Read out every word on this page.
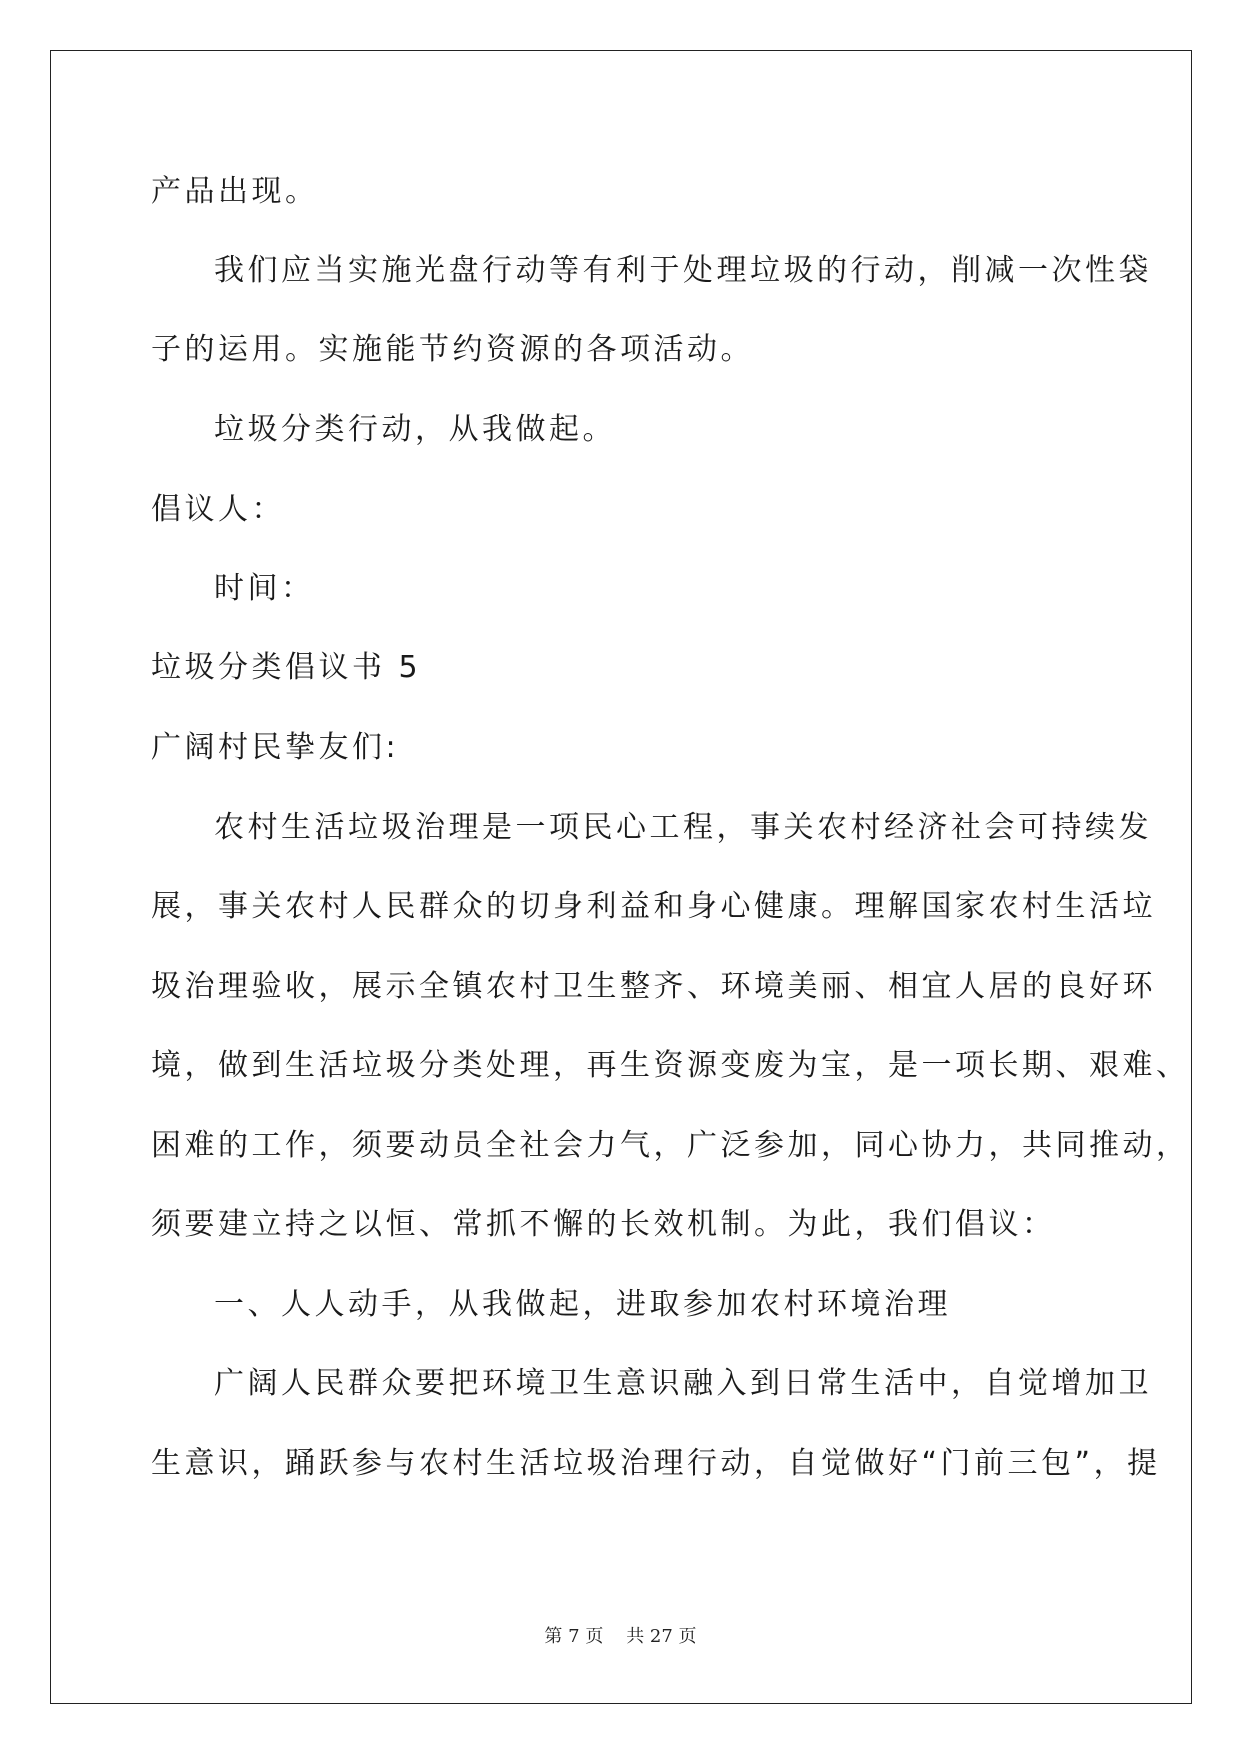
产品出现。

我们应当实施光盘行动等有利于处理垃圾的行动，削减一次性袋

子的运用。实施能节约资源的各项活动。

垃圾分类行动，从我做起。

倡议人：

时间：

垃圾分类倡议书 5

广阔村民挚友们:

农村生活垃圾治理是一项民心工程，事关农村经济社会可持续发

展，事关农村人民群众的切身利益和身心健康。理解国家农村生活垃

圾治理验收，展示全镇农村卫生整齐、环境美丽、相宜人居的良好环

境，做到生活垃圾分类处理，再生资源变废为宝，是一项长期、艰难、

困难的工作，须要动员全社会力气，广泛参加，同心协力，共同推动，

须要建立持之以恒、常抓不懈的长效机制。为此，我们倡议：

一、人人动手，从我做起，进取参加农村环境治理

广阔人民群众要把环境卫生意识融入到日常生活中，自觉增加卫

生意识，踊跃参与农村生活垃圾治理行动，自觉做好“门前三包”，提

第 7 页    共 27 页
